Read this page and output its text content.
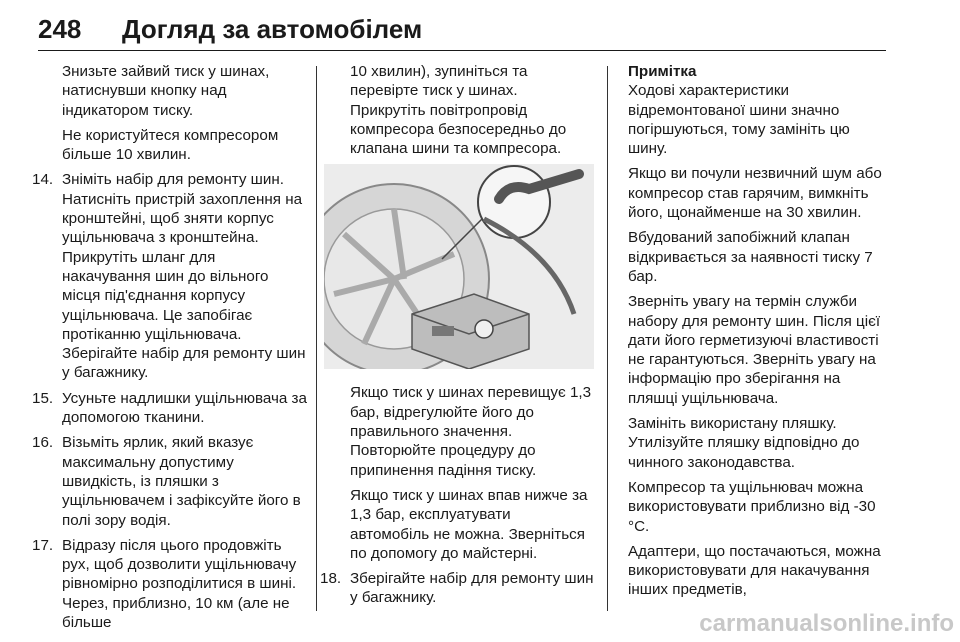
248 Догляд за автомобілем

Знизьте зайвий тиск у шинах, натиснувши кнопку над індикатором тиску.

Не користуйтеся компресором більше 10 хвилин.

14. Зніміть набір для ремонту шин. Натисніть пристрій захоплення на кронштейні, щоб зняти корпус ущільнювача з кронштейна. Прикрутіть шланг для накачування шин до вільного місця під'єднання корпусу ущільнювача. Це запобігає протіканню ущільнювача. Зберігайте набір для ремонту шин у багажнику.
15. Усуньте надлишки ущільнювача за допомогою тканини.
16. Візьміть ярлик, який вказує максимальну допустиму швидкість, із пляшки з ущільнювачем і зафіксуйте його в полі зору водія.
17. Відразу після цього продовжіть рух, щоб дозволити ущільнювачу рівномірно розподілитися в шині. Через, приблизно, 10 км (але не більше

10 хвилин), зупиніться та перевірте тиск у шинах. Прикрутіть повітропровід компресора безпосередньо до клапана шини та компресора.

Якщо тиск у шинах перевищує 1,3 бар, відрегулюйте його до правильного значення. Повторюйте процедуру до припинення падіння тиску.

Якщо тиск у шинах впав нижче за 1,3 бар, експлуатувати автомобіль не можна. Зверніться по допомогу до майстерні.

18. Зберігайте набір для ремонту шин у багажнику.

Примітка

Ходові характеристики відремонтованої шини значно погіршуються, тому замініть цю шину.

Якщо ви почули незвичний шум або компресор став гарячим, вимкніть його, щонайменше на 30 хвилин.

Вбудований запобіжний клапан відкривається за наявності тиску 7 бар.

Зверніть увагу на термін служби набору для ремонту шин. Після цієї дати його герметизуючі властивості не гарантуються. Зверніть увагу на інформацію про зберігання на пляшці ущільнювача.

Замініть використану пляшку. Утилізуйте пляшку відповідно до чинного законодавства.

Компресор та ущільнювач можна використовувати приблизно від -30 °C.

Адаптери, що постачаються, можна використовувати для накачування інших предметів,

carmanualsonline.info
